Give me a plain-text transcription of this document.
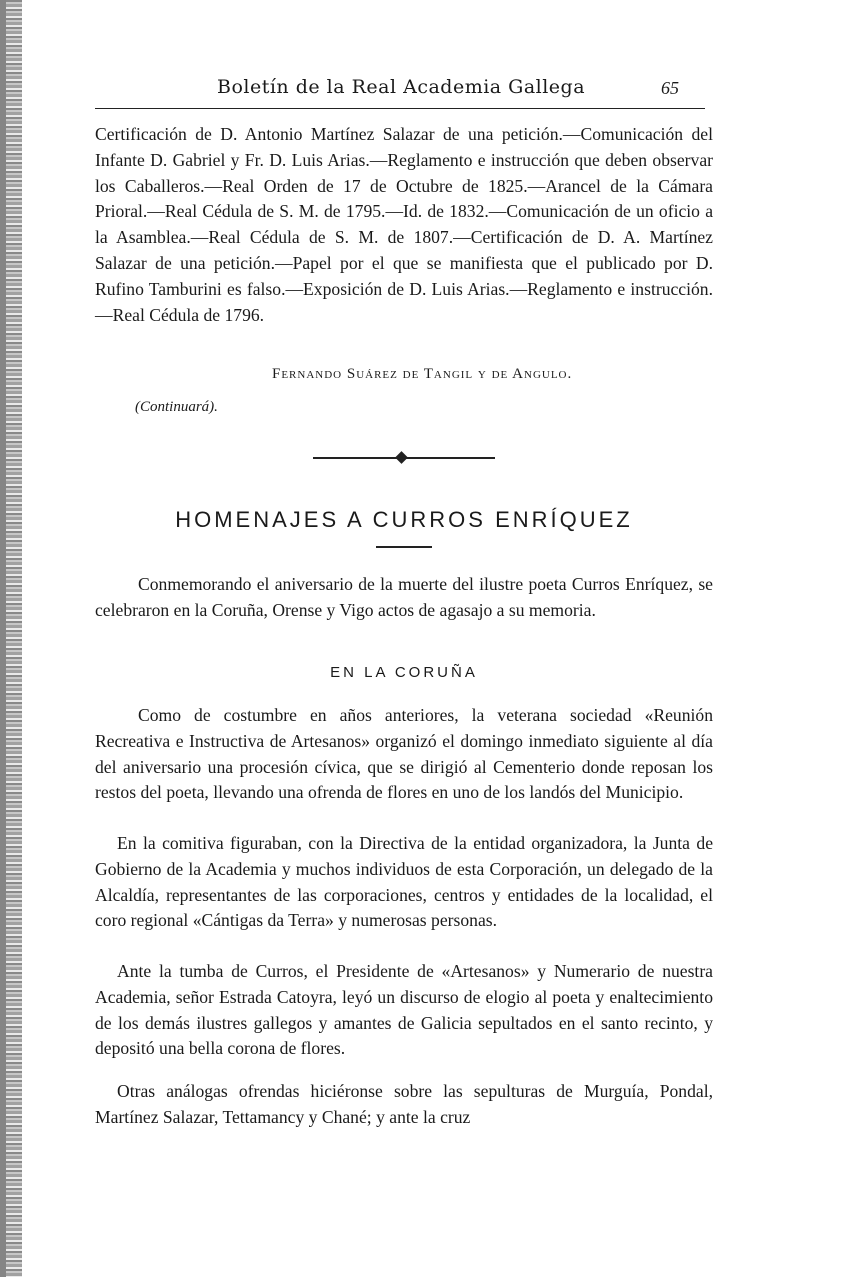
Boletín de la Real Academia Gallega	65

Certificación de D. Antonio Martínez Salazar de una petición.—Comunicación del Infante D. Gabriel y Fr. D. Luis Arias.—Reglamento e instrucción que deben observar los Caballeros.—Real Orden de 17 de Octubre de 1825.—Arancel de la Cámara Prioral.—Real Cédula de S. M. de 1795.—Id. de 1832.—Comunicación de un oficio a la Asamblea.—Real Cédula de S. M. de 1807.—Certificación de D. A. Martínez Salazar de una petición.—Papel por el que se manifiesta que el publicado por D. Rufino Tamburini es falso.—Exposición de D. Luis Arias.—Reglamento e instrucción.—Real Cédula de 1796.

Fernando Suárez de Tangil y de Angulo.
(Continuará).
HOMENAJES A CURROS ENRÍQUEZ

Conmemorando el aniversario de la muerte del ilustre poeta Curros Enríquez, se celebraron en la Coruña, Orense y Vigo actos de agasajo a su memoria.

EN LA CORUÑA

Como de costumbre en años anteriores, la veterana sociedad «Reunión Recreativa e Instructiva de Artesanos» organizó el domingo inmediato siguiente al día del aniversario una procesión cívica, que se dirigió al Cementerio donde reposan los restos del poeta, llevando una ofrenda de flores en uno de los landós del Municipio.

En la comitiva figuraban, con la Directiva de la entidad organizadora, la Junta de Gobierno de la Academia y muchos individuos de esta Corporación, un delegado de la Alcaldía, representantes de las corporaciones, centros y entidades de la localidad, el coro regional «Cántigas da Terra» y numerosas personas.

Ante la tumba de Curros, el Presidente de «Artesanos» y Numerario de nuestra Academia, señor Estrada Catoyra, leyó un discurso de elogio al poeta y enaltecimiento de los demás ilustres gallegos y amantes de Galicia sepultados en el santo recinto, y depositó una bella corona de flores.

Otras análogas ofrendas hiciéronse sobre las sepulturas de Murguía, Pondal, Martínez Salazar, Tettamancy y Chané; y ante la cruz
